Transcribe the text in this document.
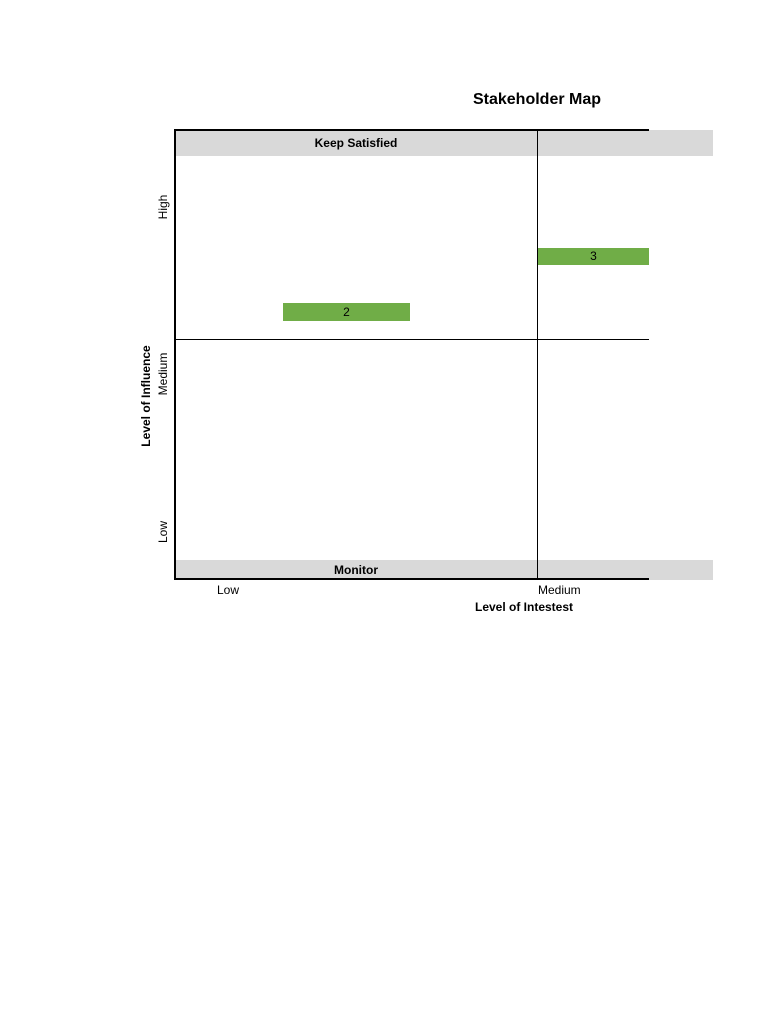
Stakeholder Map
Keep Satisfied
Monitor
2
3
Low	Medium
Level of Intestest
High
Medium
Low
Level of Influence
